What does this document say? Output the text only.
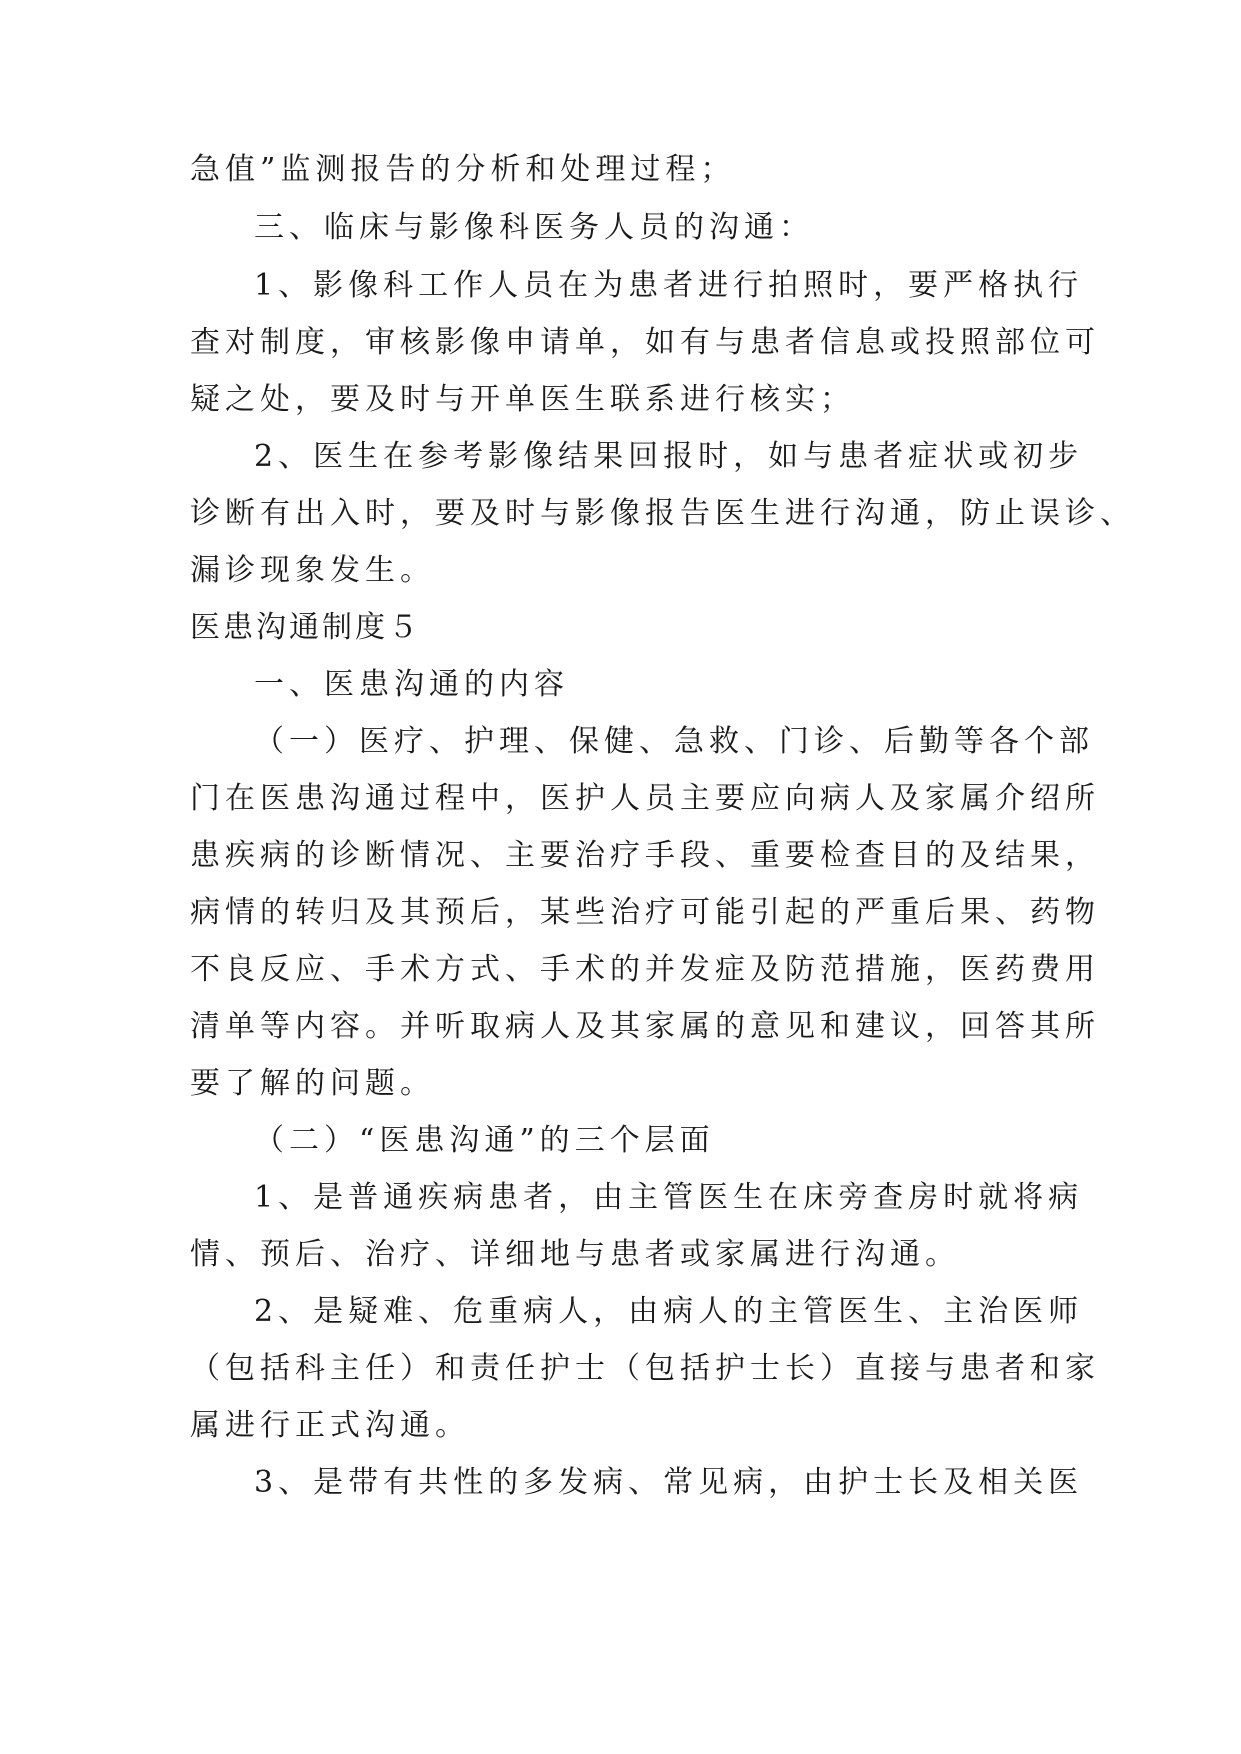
急值”监测报告的分析和处理过程；
三、临床与影像科医务人员的沟通：
1、影像科工作人员在为患者进行拍照时，要严格执行
查对制度，审核影像申请单，如有与患者信息或投照部位可
疑之处，要及时与开单医生联系进行核实；
2、医生在参考影像结果回报时，如与患者症状或初步
诊断有出入时，要及时与影像报告医生进行沟通，防止误诊、
漏诊现象发生。
医患沟通制度５
一、医患沟通的内容
（一）医疗、护理、保健、急救、门诊、后勤等各个部
门在医患沟通过程中，医护人员主要应向病人及家属介绍所
患疾病的诊断情况、主要治疗手段、重要检查目的及结果，
病情的转归及其预后，某些治疗可能引起的严重后果、药物
不良反应、手术方式、手术的并发症及防范措施，医药费用
清单等内容。并听取病人及其家属的意见和建议，回答其所
要了解的问题。
（二）“医患沟通”的三个层面
1、是普通疾病患者，由主管医生在床旁查房时就将病
情、预后、治疗、详细地与患者或家属进行沟通。
2、是疑难、危重病人，由病人的主管医生、主治医师
（包括科主任）和责任护士（包括护士长）直接与患者和家
属进行正式沟通。
3、是带有共性的多发病、常见病，由护士长及相关医
